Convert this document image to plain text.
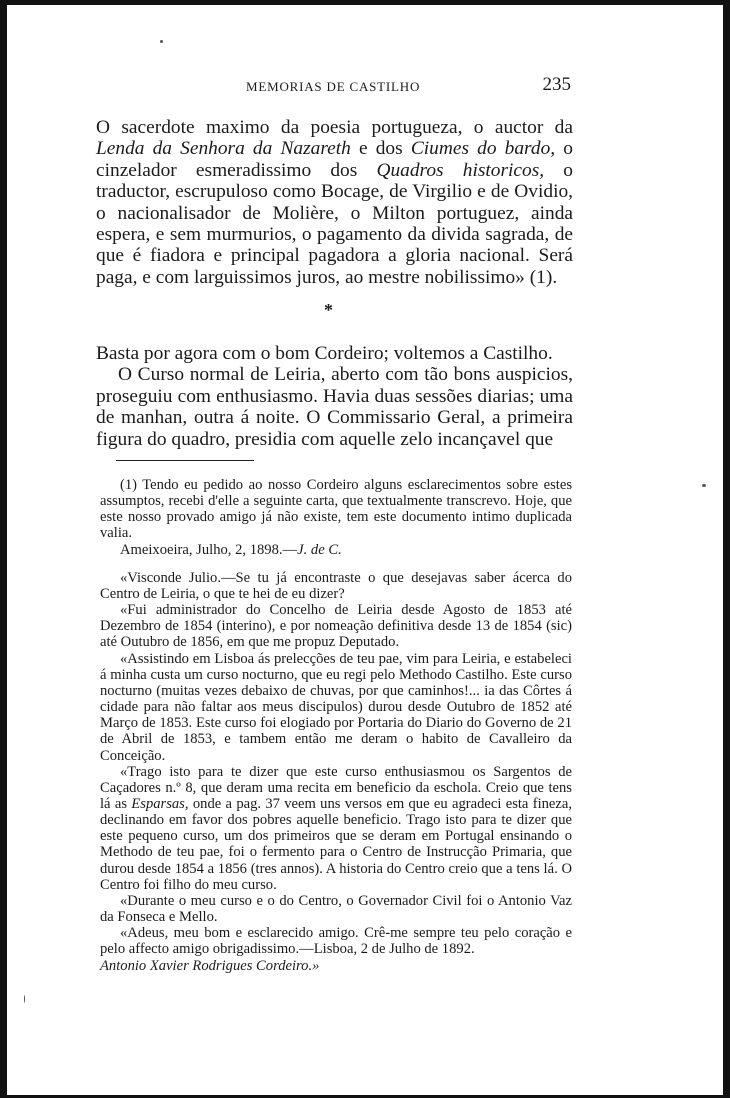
MEMORIAS DE CASTILHO	235

O sacerdote maximo da poesia portugueza, o auctor daLenda da Senhora da Nazareth e dos Ciumes do bardo, o cinzelador esmeradissimo dos Quadros historicos, o traductor, escrupuloso como Bocage, de Virgilio e de Ovidio, o nacionalisador de Molière, o Milton portuguez, ainda espera, e sem murmurios, o pagamento da divida sagrada, de que é fiadora e principal pagadora a gloria nacional. Será paga, e com larguissimos juros, ao mestre nobilissimo» (1).

*

Basta por agora com o bom Cordeiro; voltemos a Castilho.

O Curso normal de Leiria, aberto com tão bons auspicios, proseguiu com enthusiasmo. Havia duas sessões diarias; uma de manhan, outra á noite. O Commissario Geral, a primeira figura do quadro, presidia com aquelle zelo incançavel que

(1) Tendo eu pedido ao nosso Cordeiro alguns esclarecimentos sobre estes assumptos, recebi d'elle a seguinte carta, que textualmente transcrevo. Hoje, que este nosso provado amigo já não existe, tem este documento intimo duplicada valia.

Ameixoeira, Julho, 2, 1898.—J. de C.

«Visconde Julio.—Se tu já encontraste o que desejavas saber ácerca do Centro de Leiria, o que te hei de eu dizer?

«Fui administrador do Concelho de Leiria desde Agosto de 1853 até Dezembro de 1854 (interino), e por nomeação definitiva desde 13 de 1854 (sic) até Outubro de 1856, em que me propuz Deputado.

«Assistindo em Lisboa ás prelecções de teu pae, vim para Leiria, e estabeleci á minha custa um curso nocturno, que eu regi pelo Methodo Castilho. Este curso nocturno (muitas vezes debaixo de chuvas, por que caminhos!... ia das Côrtes á cidade para não faltar aos meus discipulos) durou desde Outubro de 1852 até Março de 1853. Este curso foi elogiado por Portaria do Diario do Governo de 21 de Abril de 1853, e tambem então me deram o habito de Cavalleiro da Conceição.

«Trago isto para te dizer que este curso enthusiasmou os Sargentos de Caçadores n.º 8, que deram uma recita em beneficio da eschola. Creio que tens lá as Esparsas, onde a pag. 37 veem uns versos em que eu agradeci esta fineza, declinando em favor dos pobres aquelle beneficio. Trago isto para te dizer que este pequeno curso, um dos primeiros que se deram em Portugal ensinando o Methodo de teu pae, foi o fermento para o Centro de Instrucção Primaria, que durou desde 1854 a 1856 (tres annos). A historia do Centro creio que a tens lá. O Centro foi filho do meu curso.

«Durante o meu curso e o do Centro, o Governador Civil foi o Antonio Vaz da Fonseca e Mello.

«Adeus, meu bom e esclarecido amigo. Crê-me sempre teu pelo coração e pelo affecto amigo obrigadissimo.—Lisboa, 2 de Julho de 1892.

Antonio Xavier Rodrigues Cordeiro.»
